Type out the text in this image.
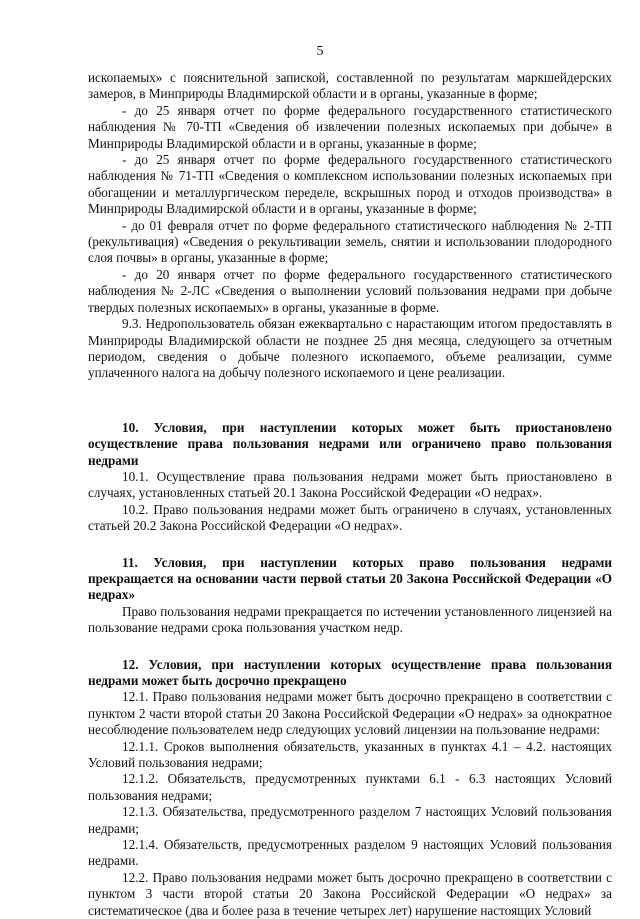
5

ископаемых» с пояснительной запиской, составленной по результатам маркшейдерских замеров, в Минприроды Владимирской области и в органы, указанные в форме;

- до 25 января отчет по форме федерального государственного статистического наблюдения № 70-ТП «Сведения об извлечении полезных ископаемых при добыче» в Минприроды Владимирской области и в органы, указанные в форме;

- до 25 января отчет по форме федерального государственного статистического наблюдения № 71-ТП «Сведения о комплексном использовании полезных ископаемых при обогащении и металлургическом переделе, вскрышных пород и отходов производства» в Минприроды Владимирской области и в органы, указанные в форме;

- до 01 февраля отчет по форме федерального статистического наблюдения № 2-ТП (рекультивация) «Сведения о рекультивации земель, снятии и использовании плодородного слоя почвы» в органы, указанные в форме;

- до 20 января отчет по форме федерального государственного статистического наблюдения № 2-ЛС «Сведения о выполнении условий пользования недрами при добыче твердых полезных ископаемых» в органы, указанные в форме.

9.3. Недропользователь обязан ежеквартально с нарастающим итогом предоставлять в Минприроды Владимирской области не позднее 25 дня месяца, следующего за отчетным периодом, сведения о добыче полезного ископаемого, объеме реализации, сумме уплаченного налога на добычу полезного ископаемого и цене реализации.

10. Условия, при наступлении которых может быть приостановлено осуществление права пользования недрами или ограничено право пользования недрами

10.1. Осуществление права пользования недрами может быть приостановлено в случаях, установленных статьей 20.1 Закона Российской Федерации «О недрах».

10.2. Право пользования недрами может быть ограничено в случаях, установленных статьей 20.2 Закона Российской Федерации «О недрах».

11. Условия, при наступлении которых право пользования недрами прекращается на основании части первой статьи 20 Закона Российской Федерации «О недрах»

Право пользования недрами прекращается по истечении установленного лицензией на пользование недрами срока пользования участком недр.

12. Условия, при наступлении которых осуществление права пользования недрами может быть досрочно прекращено

12.1. Право пользования недрами может быть досрочно прекращено в соответствии с пунктом 2 части второй статьи 20 Закона Российской Федерации «О недрах» за однократное несоблюдение пользователем недр следующих условий лицензии на пользование недрами:

12.1.1. Сроков выполнения обязательств, указанных в пунктах 4.1 – 4.2. настоящих Условий пользования недрами;

12.1.2. Обязательств, предусмотренных пунктами 6.1 - 6.3 настоящих Условий пользования недрами;

12.1.3. Обязательства, предусмотренного разделом 7 настоящих Условий пользования недрами;

12.1.4. Обязательств, предусмотренных разделом 9 настоящих Условий пользования недрами.

12.2. Право пользования недрами может быть досрочно прекращено в соответствии с пунктом 3 части второй статьи 20 Закона Российской Федерации «О недрах» за систематическое (два и более раза в течение четырех лет) нарушение настоящих Условий
